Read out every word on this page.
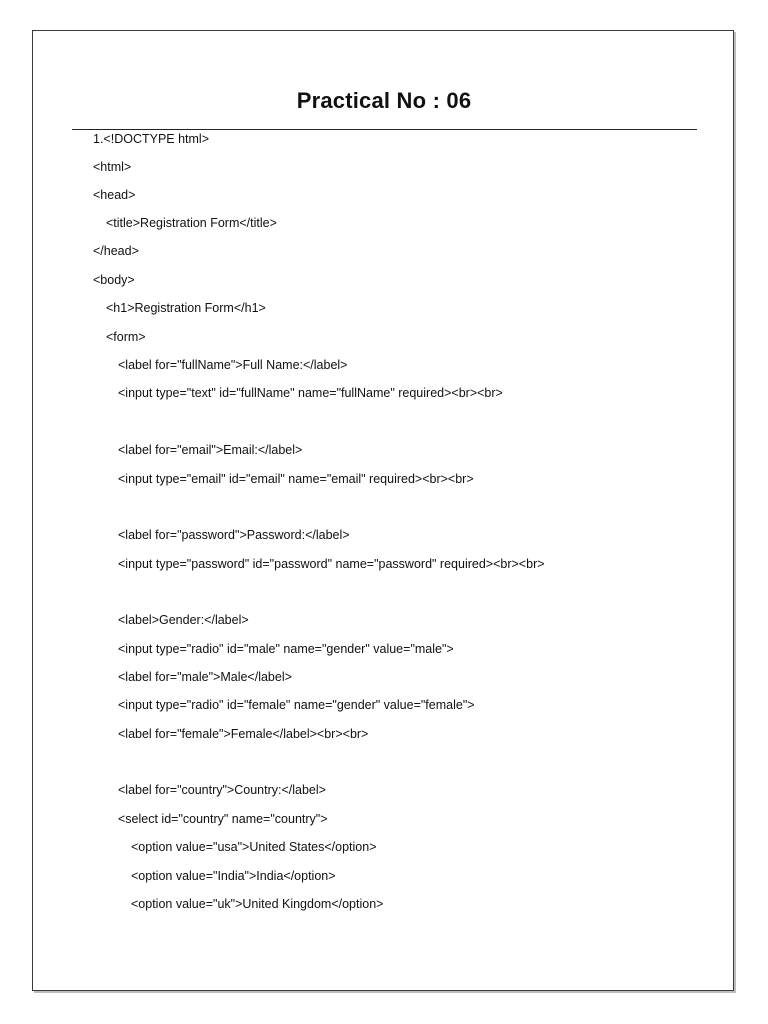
Practical No : 06
1.<!DOCTYPE html>
<html>
<head>
<title>Registration Form</title>
</head>
<body>
<h1>Registration Form</h1>
<form>
<label for="fullName">Full Name:</label>
<input type="text" id="fullName" name="fullName" required><br><br>
<label for="email">Email:</label>
<input type="email" id="email" name="email" required><br><br>
<label for="password">Password:</label>
<input type="password" id="password" name="password" required><br><br>
<label>Gender:</label>
<input type="radio" id="male" name="gender" value="male">
<label for="male">Male</label>
<input type="radio" id="female" name="gender" value="female">
<label for="female">Female</label><br><br>
<label for="country">Country:</label>
<select id="country" name="country">
<option value="usa">United States</option>
<option value="India">India</option>
<option value="uk">United Kingdom</option>
